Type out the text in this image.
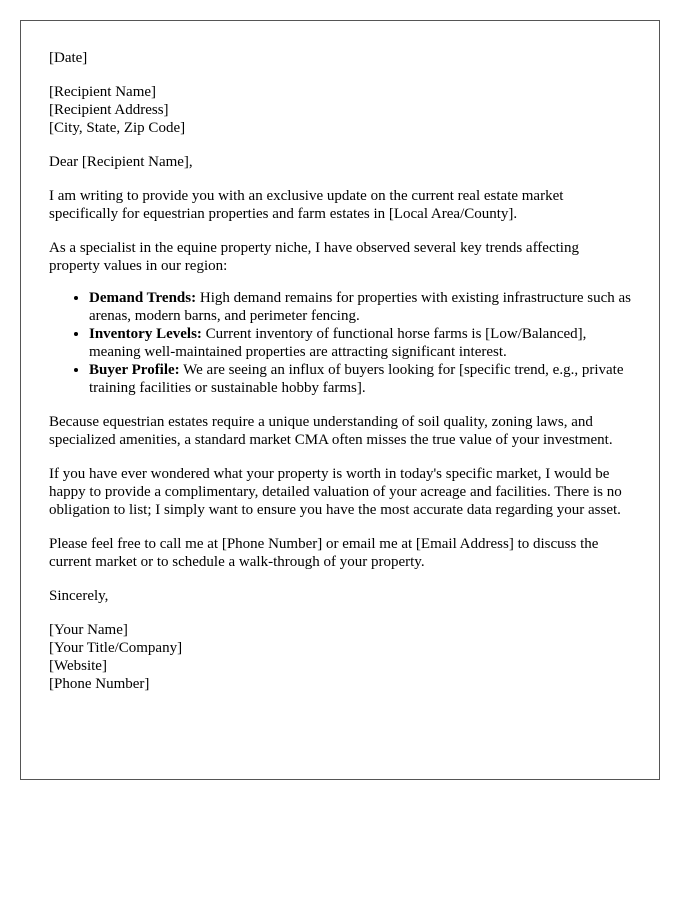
[Date]

[Recipient Name]
[Recipient Address]
[City, State, Zip Code]

Dear [Recipient Name],

I am writing to provide you with an exclusive update on the current real estate market specifically for equestrian properties and farm estates in [Local Area/County].

As a specialist in the equine property niche, I have observed several key trends affecting property values in our region:

• Demand Trends: High demand remains for properties with existing infrastructure such as arenas, modern barns, and perimeter fencing.
• Inventory Levels: Current inventory of functional horse farms is [Low/Balanced], meaning well-maintained properties are attracting significant interest.
• Buyer Profile: We are seeing an influx of buyers looking for [specific trend, e.g., private training facilities or sustainable hobby farms].

Because equestrian estates require a unique understanding of soil quality, zoning laws, and specialized amenities, a standard market CMA often misses the true value of your investment.

If you have ever wondered what your property is worth in today's specific market, I would be happy to provide a complimentary, detailed valuation of your acreage and facilities. There is no obligation to list; I simply want to ensure you have the most accurate data regarding your asset.

Please feel free to call me at [Phone Number] or email me at [Email Address] to discuss the current market or to schedule a walk-through of your property.

Sincerely,

[Your Name]
[Your Title/Company]
[Website]
[Phone Number]
